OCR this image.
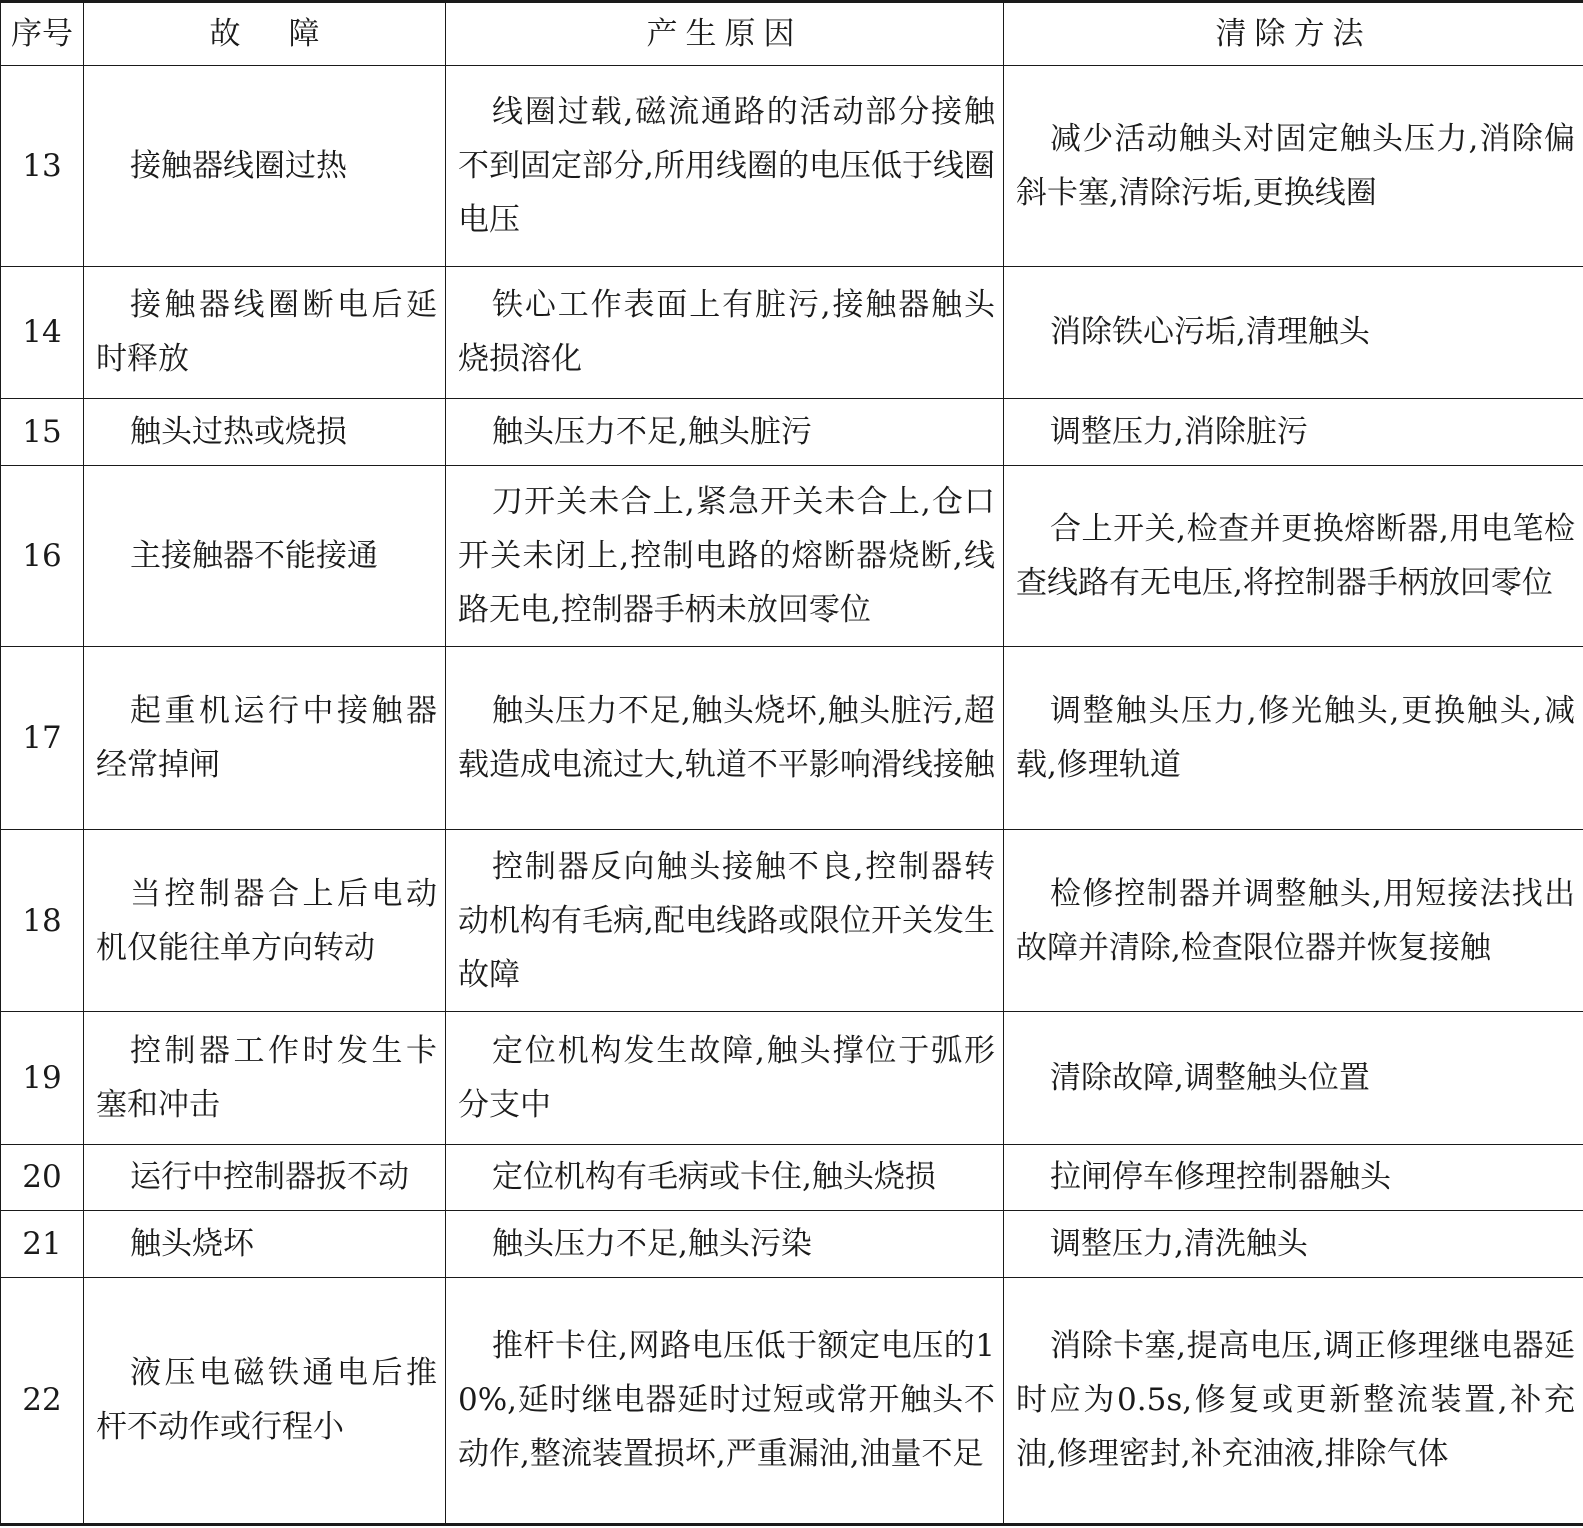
序号	故障	产生原因	清除方法
13	接触器线圈过热	线圈过载,磁流通路的活动部分接触不到固定部分,所用线圈的电压低于线圈电压	减少活动触头对固定触头压力,消除偏斜卡塞,清除污垢,更换线圈
14	接触器线圈断电后延时释放	铁心工作表面上有脏污,接触器触头烧损溶化	消除铁心污垢,清理触头
15	触头过热或烧损	触头压力不足,触头脏污	调整压力,消除脏污
16	主接触器不能接通	刀开关未合上,紧急开关未合上,仓口开关未闭上,控制电路的熔断器烧断,线路无电,控制器手柄未放回零位	合上开关,检查并更换熔断器,用电笔检查线路有无电压,将控制器手柄放回零位
17	起重机运行中接触器经常掉闸	触头压力不足,触头烧坏,触头脏污,超载造成电流过大,轨道不平影响滑线接触	调整触头压力,修光触头,更换触头,减载,修理轨道
18	当控制器合上后电动机仅能往单方向转动	控制器反向触头接触不良,控制器转动机构有毛病,配电线路或限位开关发生故障	检修控制器并调整触头,用短接法找出故障并清除,检查限位器并恢复接触
19	控制器工作时发生卡塞和冲击	定位机构发生故障,触头撑位于弧形分支中	清除故障,调整触头位置
20	运行中控制器扳不动	定位机构有毛病或卡住,触头烧损	拉闸停车修理控制器触头
21	触头烧坏	触头压力不足,触头污染	调整压力,清洗触头
22	液压电磁铁通电后推杆不动作或行程小	推杆卡住,网路电压低于额定电压的10%,延时继电器延时过短或常开触头不动作,整流装置损坏,严重漏油,油量不足	消除卡塞,提高电压,调正修理继电器延时应为0.5s,修复或更新整流装置,补充油,修理密封,补充油液,排除气体
